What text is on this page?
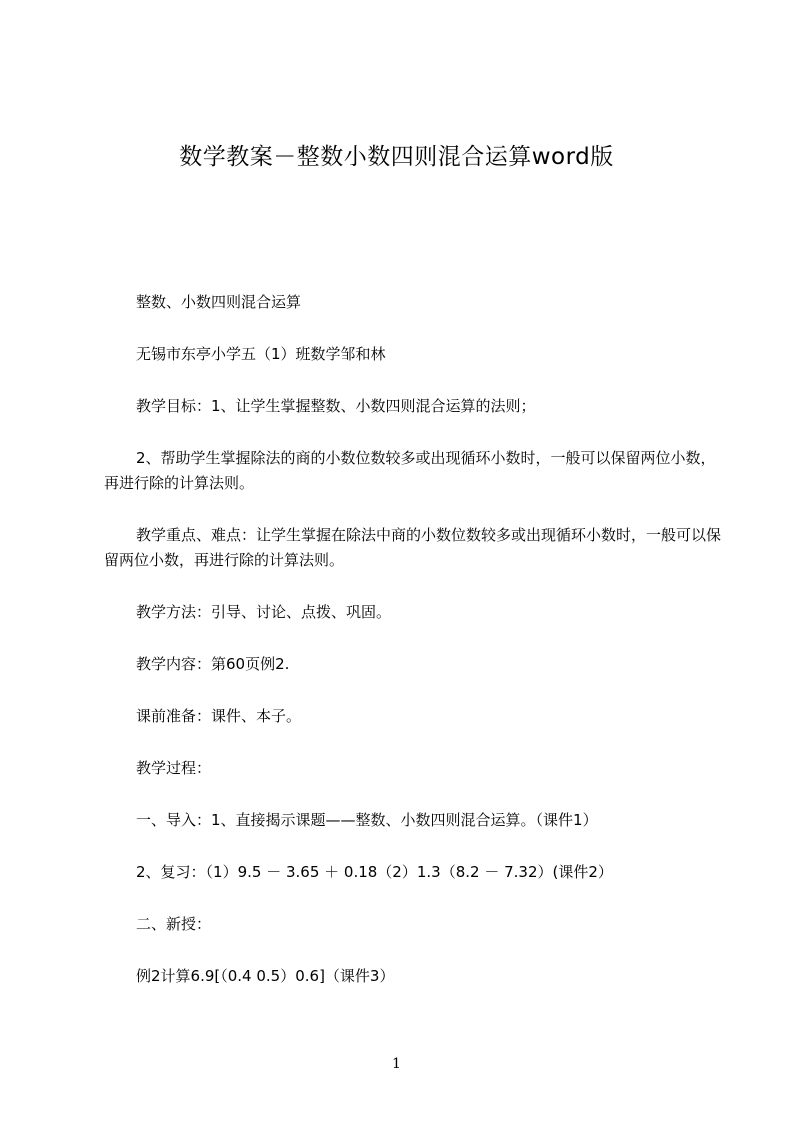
数学教案－整数小数四则混合运算word版

整数、小数四则混合运算

无锡市东亭小学五（1）班数学邹和林

教学目标：1、让学生掌握整数、小数四则混合运算的法则；

2、帮助学生掌握除法的商的小数位数较多或出现循环小数时，一般可以保留两位小数，再进行除的计算法则。

教学重点、难点：让学生掌握在除法中商的小数位数较多或出现循环小数时，一般可以保留两位小数，再进行除的计算法则。

教学方法：引导、讨论、点拨、巩固。

教学内容：第60页例2.

课前准备：课件、本子。

教学过程：

一、导入：1、直接揭示课题——整数、小数四则混合运算。（课件1）

2、复习：（1）9.5 － 3.65 ＋ 0.18（2）1.3（8.2 － 7.32）(课件2）

二、新授：

例2计算6.9[（0.4 0.5）0.6]（课件3）

1
